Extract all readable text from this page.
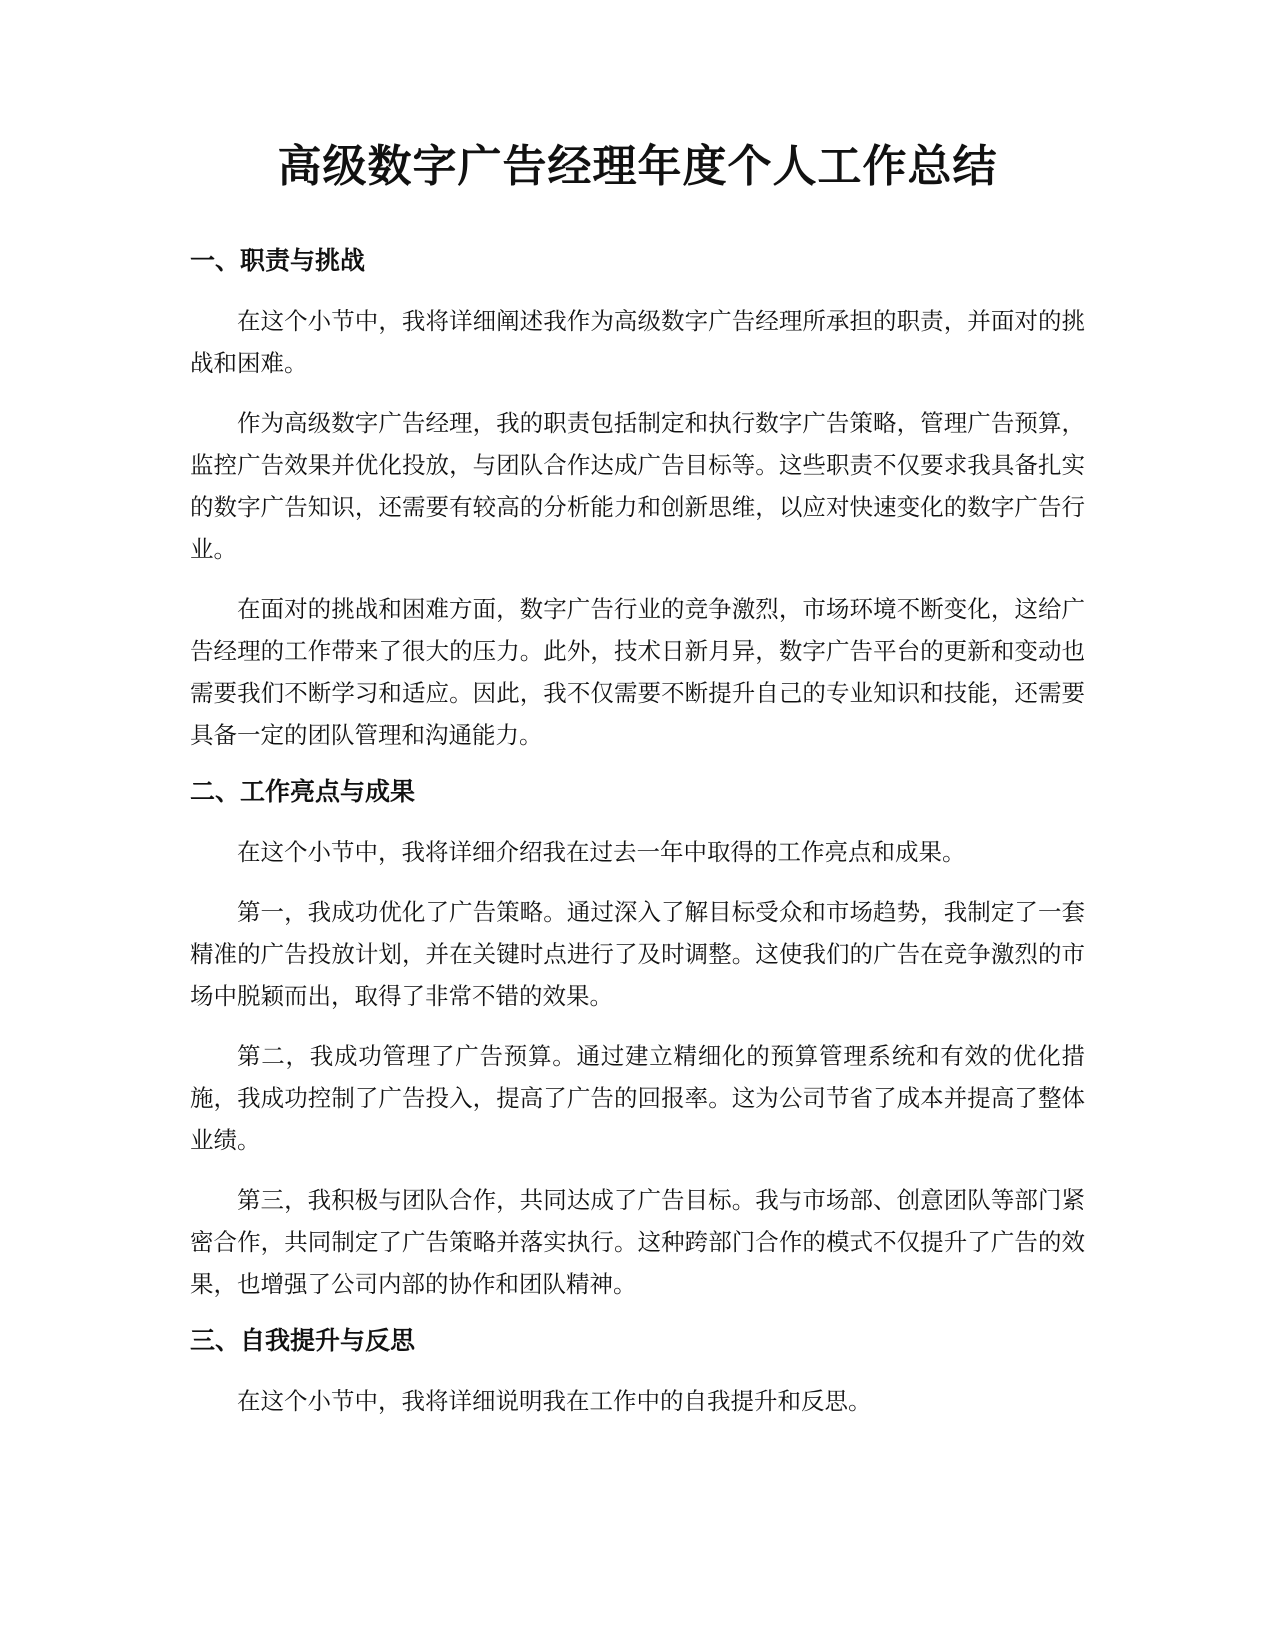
高级数字广告经理年度个人工作总结
一、职责与挑战

在这个小节中，我将详细阐述我作为高级数字广告经理所承担的职责，并面对的挑战和困难。

作为高级数字广告经理，我的职责包括制定和执行数字广告策略，管理广告预算，监控广告效果并优化投放，与团队合作达成广告目标等。这些职责不仅要求我具备扎实的数字广告知识，还需要有较高的分析能力和创新思维，以应对快速变化的数字广告行业。

在面对的挑战和困难方面，数字广告行业的竞争激烈，市场环境不断变化，这给广告经理的工作带来了很大的压力。此外，技术日新月异，数字广告平台的更新和变动也需要我们不断学习和适应。因此，我不仅需要不断提升自己的专业知识和技能，还需要具备一定的团队管理和沟通能力。

二、工作亮点与成果

在这个小节中，我将详细介绍我在过去一年中取得的工作亮点和成果。

第一，我成功优化了广告策略。通过深入了解目标受众和市场趋势，我制定了一套精准的广告投放计划，并在关键时点进行了及时调整。这使我们的广告在竞争激烈的市场中脱颖而出，取得了非常不错的效果。

第二，我成功管理了广告预算。通过建立精细化的预算管理系统和有效的优化措施，我成功控制了广告投入，提高了广告的回报率。这为公司节省了成本并提高了整体业绩。

第三，我积极与团队合作，共同达成了广告目标。我与市场部、创意团队等部门紧密合作，共同制定了广告策略并落实执行。这种跨部门合作的模式不仅提升了广告的效果，也增强了公司内部的协作和团队精神。

三、自我提升与反思

在这个小节中，我将详细说明我在工作中的自我提升和反思。
